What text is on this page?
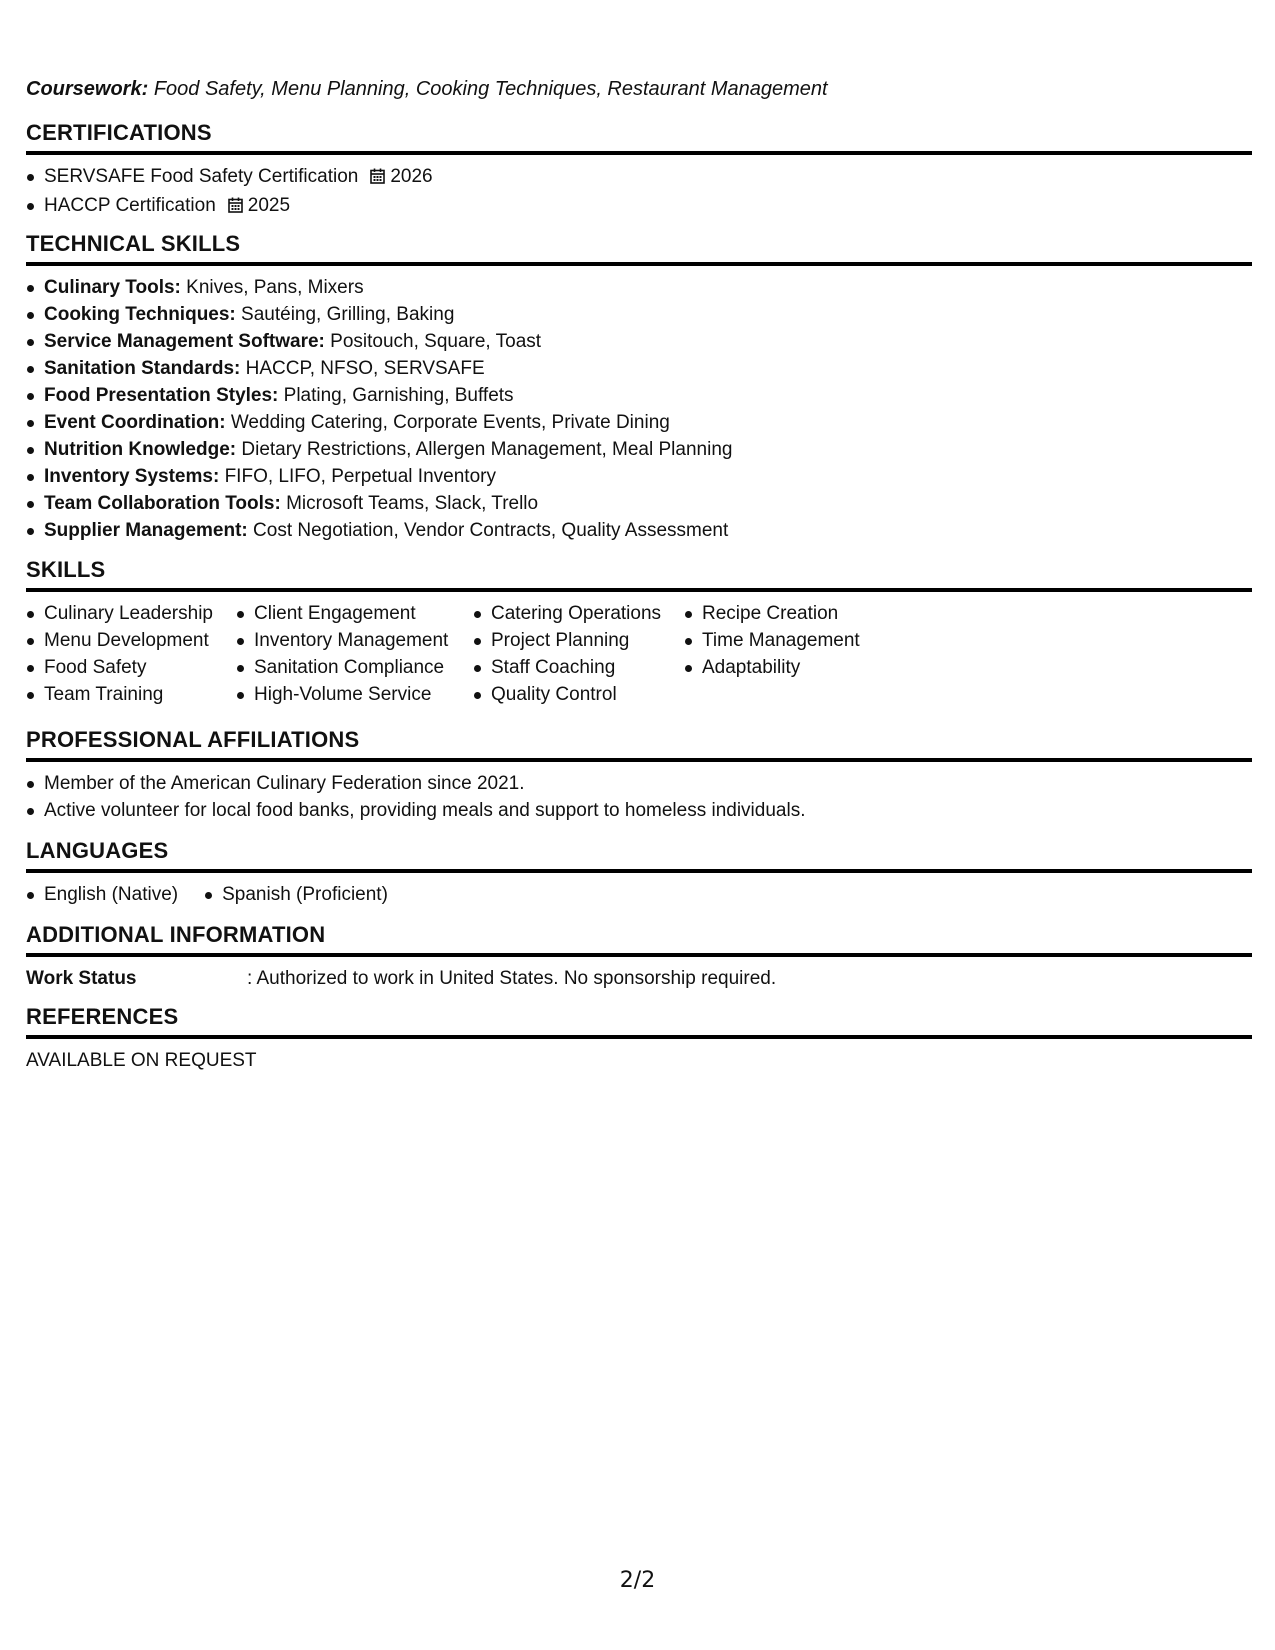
Coursework: Food Safety, Menu Planning, Cooking Techniques, Restaurant Management
CERTIFICATIONS
SERVSAFE Food Safety Certification 2026
HACCP Certification 2025
TECHNICAL SKILLS
Culinary Tools: Knives, Pans, Mixers
Cooking Techniques: Sautéing, Grilling, Baking
Service Management Software: Positouch, Square, Toast
Sanitation Standards: HACCP, NFSO, SERVSAFE
Food Presentation Styles: Plating, Garnishing, Buffets
Event Coordination: Wedding Catering, Corporate Events, Private Dining
Nutrition Knowledge: Dietary Restrictions, Allergen Management, Meal Planning
Inventory Systems: FIFO, LIFO, Perpetual Inventory
Team Collaboration Tools: Microsoft Teams, Slack, Trello
Supplier Management: Cost Negotiation, Vendor Contracts, Quality Assessment
SKILLS
Culinary Leadership
Menu Development
Food Safety
Team Training
Client Engagement
Inventory Management
Sanitation Compliance
High-Volume Service
Catering Operations
Project Planning
Staff Coaching
Quality Control
Recipe Creation
Time Management
Adaptability
PROFESSIONAL AFFILIATIONS
Member of the American Culinary Federation since 2021.
Active volunteer for local food banks, providing meals and support to homeless individuals.
LANGUAGES
English (Native)	Spanish (Proficient)
ADDITIONAL INFORMATION
Work Status	: Authorized to work in United States. No sponsorship required.
REFERENCES
AVAILABLE ON REQUEST
2/2
